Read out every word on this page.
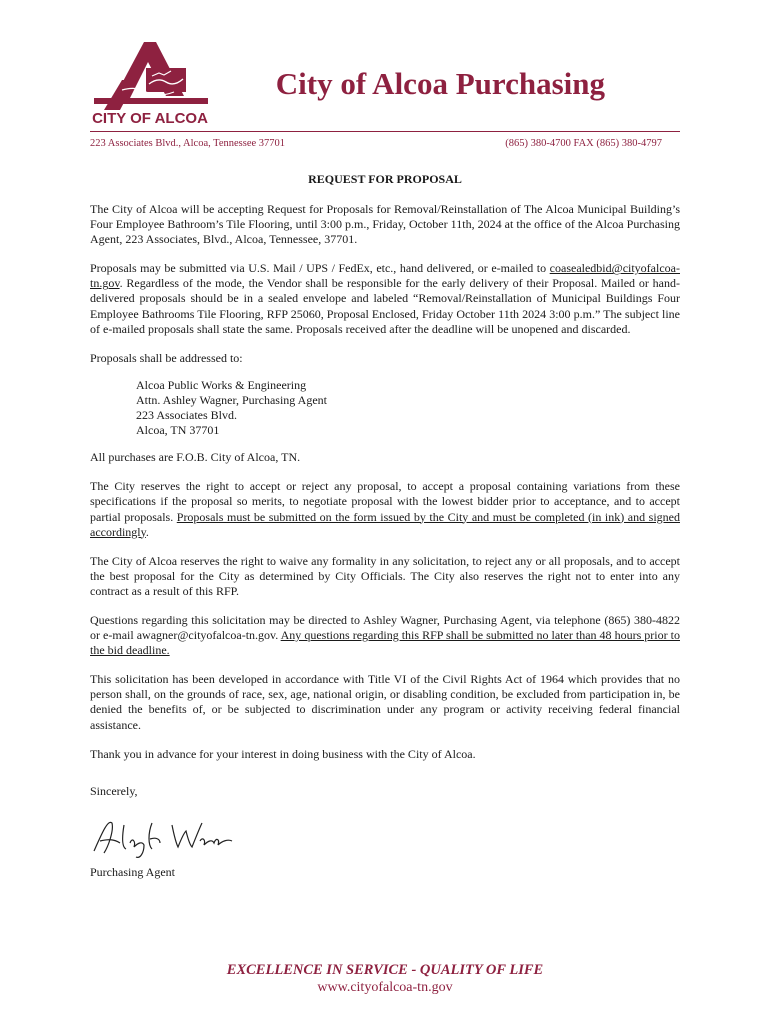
CITY OF ALCOA
City of Alcoa Purchasing
223 Associates Blvd., Alcoa, Tennessee 37701	(865) 380-4700 FAX (865) 380-4797
REQUEST FOR PROPOSAL

The City of Alcoa will be accepting Request for Proposals for Removal/Reinstallation of The Alcoa Municipal Building’s Four Employee Bathroom’s Tile Flooring, until 3:00 p.m., Friday, October 11th, 2024 at the office of the Alcoa Purchasing Agent, 223 Associates, Blvd., Alcoa, Tennessee, 37701.

Proposals may be submitted via U.S. Mail / UPS / FedEx, etc., hand delivered, or e-mailed to coasealedbid@cityofalcoa-tn.gov. Regardless of the mode, the Vendor shall be responsible for the early delivery of their Proposal. Mailed or hand-delivered proposals should be in a sealed envelope and labeled “Removal/Reinstallation of Municipal Buildings Four Employee Bathrooms Tile Flooring, RFP 25060, Proposal Enclosed, Friday October 11th 2024 3:00 p.m.” The subject line of e-mailed proposals shall state the same. Proposals received after the deadline will be unopened and discarded.

Proposals shall be addressed to:

Alcoa Public Works & Engineering
Attn. Ashley Wagner, Purchasing Agent
223 Associates Blvd.
Alcoa, TN 37701

All purchases are F.O.B. City of Alcoa, TN.

The City reserves the right to accept or reject any proposal, to accept a proposal containing variations from these specifications if the proposal so merits, to negotiate proposal with the lowest bidder prior to acceptance, and to accept partial proposals. Proposals must be submitted on the form issued by the City and must be completed (in ink) and signed accordingly.

The City of Alcoa reserves the right to waive any formality in any solicitation, to reject any or all proposals, and to accept the best proposal for the City as determined by City Officials. The City also reserves the right not to enter into any contract as a result of this RFP.

Questions regarding this solicitation may be directed to Ashley Wagner, Purchasing Agent, via telephone (865) 380-4822 or e-mail awagner@cityofalcoa-tn.gov. Any questions regarding this RFP shall be submitted no later than 48 hours prior to the bid deadline.

This solicitation has been developed in accordance with Title VI of the Civil Rights Act of 1964 which provides that no person shall, on the grounds of race, sex, age, national origin, or disabling condition, be excluded from participation in, be denied the benefits of, or be subjected to discrimination under any program or activity receiving federal financial assistance.

Thank you in advance for your interest in doing business with the City of Alcoa.

Sincerely,

Purchasing Agent

EXCELLENCE IN SERVICE - QUALITY OF LIFE
www.cityofalcoa-tn.gov
